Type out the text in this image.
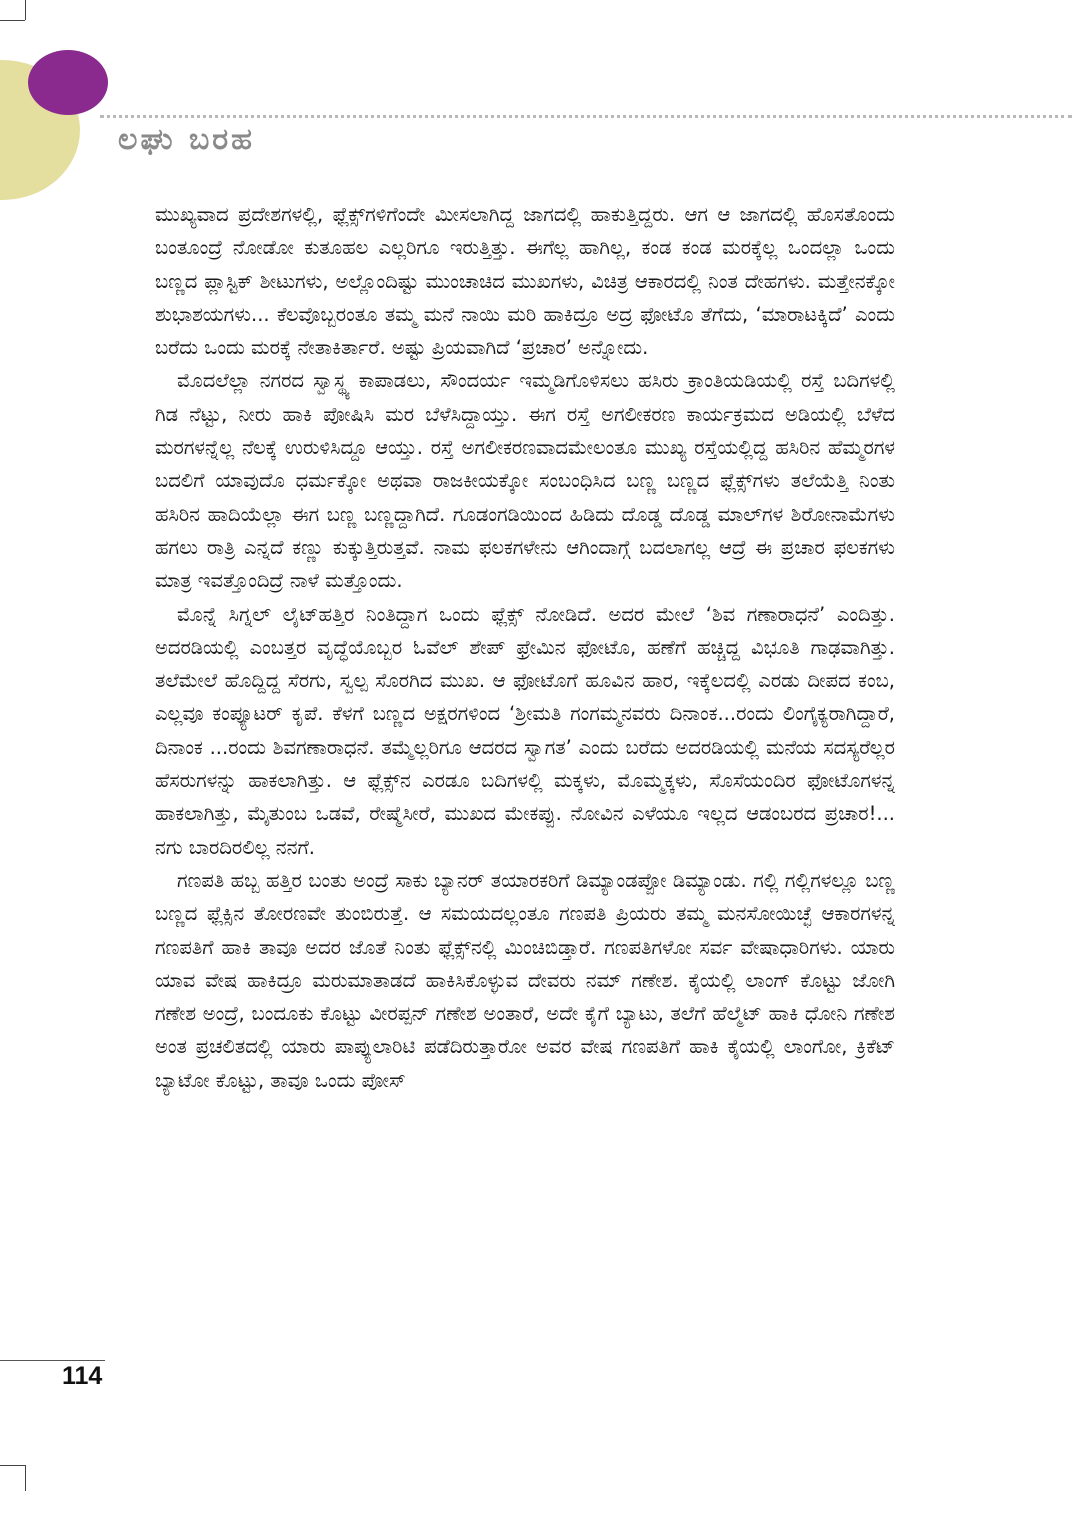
ಲಘು ಬರಹ

ಮುಖ್ಯವಾದ ಪ್ರದೇಶಗಳಲ್ಲಿ, ಫ್ಲೆಕ್ಸ್‌ಗಳಿಗೆಂದೇ ಮೀಸಲಾಗಿದ್ದ ಜಾಗದಲ್ಲಿ ಹಾಕುತ್ತಿದ್ದರು. ಆಗ ಆ ಜಾಗದಲ್ಲಿ ಹೊಸತೊಂದು ಬಂತೂಂದ್ರೆ ನೋಡೋ ಕುತೂಹಲ ಎಲ್ಲರಿಗೂ ಇರುತ್ತಿತ್ತು. ಈಗೆಲ್ಲ ಹಾಗಿಲ್ಲ, ಕಂಡ ಕಂಡ ಮರಕ್ಕೆಲ್ಲ ಒಂದಲ್ಲಾ ಒಂದು ಬಣ್ಣದ ಪ್ಲಾಸ್ಟಿಕ್ ಶೀಟುಗಳು, ಅಲ್ಲೊಂದಿಷ್ಟು ಮುಂಚಾಚಿದ ಮುಖಗಳು, ವಿಚಿತ್ರ ಆಕಾರದಲ್ಲಿ ನಿಂತ ದೇಹಗಳು. ಮತ್ತೇನಕ್ಕೋ ಶುಭಾಶಯಗಳು... ಕೆಲವೊಬ್ಬರಂತೂ ತಮ್ಮ ಮನೆ ನಾಯಿ ಮರಿ ಹಾಕಿದ್ರೂ ಅದ್ರ ಫೋಟೊ ತೆಗೆದು, ‘ಮಾರಾಟಕ್ಕಿದೆ’ ಎಂದು ಬರೆದು ಒಂದು ಮರಕ್ಕೆ ನೇತಾಕಿರ್ತಾರೆ. ಅಷ್ಟು ಪ್ರಿಯವಾಗಿದೆ ‘ಪ್ರಚಾರ’ ಅನ್ನೋದು.

ಮೊದಲೆಲ್ಲಾ ನಗರದ ಸ್ವಾಸ್ಥ್ಯ ಕಾಪಾಡಲು, ಸೌಂದರ್ಯ ಇಮ್ಮಡಿಗೊಳಿಸಲು ಹಸಿರು ಕ್ರಾಂತಿಯಡಿಯಲ್ಲಿ ರಸ್ತೆ ಬದಿಗಳಲ್ಲಿ ಗಿಡ ನೆಟ್ಟು, ನೀರು ಹಾಕಿ ಪೋಷಿಸಿ ಮರ ಬೆಳೆಸಿದ್ದಾಯ್ತು. ಈಗ ರಸ್ತೆ ಅಗಲೀಕರಣ ಕಾರ್ಯಕ್ರಮದ ಅಡಿಯಲ್ಲಿ ಬೆಳೆದ ಮರಗಳನ್ನೆಲ್ಲ ನೆಲಕ್ಕೆ ಉರುಳಿಸಿದ್ದೂ ಆಯ್ತು. ರಸ್ತೆ ಅಗಲೀಕರಣವಾದಮೇಲಂತೂ ಮುಖ್ಯ ರಸ್ತೆಯಲ್ಲಿದ್ದ ಹಸಿರಿನ ಹೆಮ್ಮರಗಳ ಬದಲಿಗೆ ಯಾವುದೊ ಧರ್ಮಕ್ಕೋ ಅಥವಾ ರಾಜಕೀಯಕ್ಕೋ ಸಂಬಂಧಿಸಿದ ಬಣ್ಣ ಬಣ್ಣದ ಫ್ಲೆಕ್ಸ್‌ಗಳು ತಲೆಯೆತ್ತಿ ನಿಂತು ಹಸಿರಿನ ಹಾದಿಯೆಲ್ಲಾ ಈಗ ಬಣ್ಣ ಬಣ್ಣದ್ದಾಗಿದೆ. ಗೂಡಂಗಡಿಯಿಂದ ಹಿಡಿದು ದೊಡ್ಡ ದೊಡ್ಡ ಮಾಲ್‌ಗಳ ಶಿರೋನಾಮೆಗಳು ಹಗಲು ರಾತ್ರಿ ಎನ್ನದೆ ಕಣ್ಣು ಕುಕ್ಕುತ್ತಿರುತ್ತವೆ. ನಾಮ ಫಲಕಗಳೇನು ಆಗಿಂದಾಗ್ಗೆ ಬದಲಾಗಲ್ಲ ಆದ್ರೆ ಈ ಪ್ರಚಾರ ಫಲಕಗಳು ಮಾತ್ರ ಇವತ್ತೊಂದಿದ್ರೆ ನಾಳೆ ಮತ್ತೊಂದು.

ಮೊನ್ನೆ ಸಿಗ್ನಲ್ ಲೈಟ್‌ಹತ್ತಿರ ನಿಂತಿದ್ದಾಗ ಒಂದು ಫ್ಲೆಕ್ಸ್ ನೋಡಿದೆ. ಅದರ ಮೇಲೆ ‘ಶಿವ ಗಣಾರಾಧನೆ’ ಎಂದಿತ್ತು. ಅದರಡಿಯಲ್ಲಿ ಎಂಬತ್ತರ ವೃದ್ಧೆಯೊಬ್ಬರ ಓವೆಲ್ ಶೇಪ್ ಫ್ರೇಮಿನ ಫೋಟೊ, ಹಣೆಗೆ ಹಚ್ಚಿದ್ದ ವಿಭೂತಿ ಗಾಢವಾಗಿತ್ತು. ತಲೆಮೇಲೆ ಹೊದ್ದಿದ್ದ ಸೆರಗು, ಸ್ವಲ್ಪ ಸೊರಗಿದ ಮುಖ. ಆ ಫೋಟೊಗೆ ಹೂವಿನ ಹಾರ, ಇಕ್ಕೆಲದಲ್ಲಿ ಎರಡು ದೀಪದ ಕಂಬ, ಎಲ್ಲವೂ ಕಂಪ್ಯೂಟರ್ ಕೃಪೆ. ಕೆಳಗೆ ಬಣ್ಣದ ಅಕ್ಷರಗಳಿಂದ ‘ಶ್ರೀಮತಿ ಗಂಗಮ್ಮನವರು ದಿನಾಂಕ...ರಂದು ಲಿಂಗೈಕ್ಯರಾಗಿದ್ದಾರೆ, ದಿನಾಂಕ ...ರಂದು ಶಿವಗಣಾರಾಧನೆ. ತಮ್ಮೆಲ್ಲರಿಗೂ ಆದರದ ಸ್ವಾಗತ’ ಎಂದು ಬರೆದು ಅದರಡಿಯಲ್ಲಿ ಮನೆಯ ಸದಸ್ಯರೆಲ್ಲರ ಹೆಸರುಗಳನ್ನು ಹಾಕಲಾಗಿತ್ತು. ಆ ಫ್ಲೆಕ್ಸ್‌ನ ಎರಡೂ ಬದಿಗಳಲ್ಲಿ ಮಕ್ಕಳು, ಮೊಮ್ಮಕ್ಕಳು, ಸೊಸೆಯಂದಿರ ಫೋಟೊಗಳನ್ನ ಹಾಕಲಾಗಿತ್ತು, ಮೈತುಂಬ ಒಡವೆ, ರೇಷ್ಮೆಸೀರೆ, ಮುಖದ ಮೇಕಪ್ಪು. ನೋವಿನ ಎಳೆಯೂ ಇಲ್ಲದ ಆಡಂಬರದ ಪ್ರಚಾರ!... ನಗು ಬಾರದಿರಲಿಲ್ಲ ನನಗೆ.

ಗಣಪತಿ ಹಬ್ಬ ಹತ್ತಿರ ಬಂತು ಅಂದ್ರೆ ಸಾಕು ಬ್ಯಾನರ್ ತಯಾರಕರಿಗೆ ಡಿಮ್ಯಾಂಡಪ್ಪೋ ಡಿಮ್ಯಾಂಡು. ಗಲ್ಲಿ ಗಲ್ಲಿಗಳಲ್ಲೂ ಬಣ್ಣ ಬಣ್ಣದ ಫ್ಲೆಕ್ಸಿನ ತೋರಣವೇ ತುಂಬಿರುತ್ತೆ. ಆ ಸಮಯದಲ್ಲಂತೂ ಗಣಪತಿ ಪ್ರಿಯರು ತಮ್ಮ ಮನಸೋಯಿಚ್ಛೆ ಆಕಾರಗಳನ್ನ ಗಣಪತಿಗೆ ಹಾಕಿ ತಾವೂ ಅದರ ಜೊತೆ ನಿಂತು ಫ್ಲೆಕ್ಸ್‌ನಲ್ಲಿ ಮಿಂಚಿಬಿಡ್ತಾರೆ. ಗಣಪತಿಗಳೋ ಸರ್ವ ವೇಷಾಧಾರಿಗಳು. ಯಾರು ಯಾವ ವೇಷ ಹಾಕಿದ್ರೂ ಮರುಮಾತಾಡದೆ ಹಾಕಿಸಿಕೊಳ್ಳುವ ದೇವರು ನಮ್ ಗಣೇಶ. ಕೈಯಲ್ಲಿ ಲಾಂಗ್ ಕೊಟ್ಟು ಜೋಗಿ ಗಣೇಶ ಅಂದ್ರೆ, ಬಂದೂಕು ಕೊಟ್ಟು ವೀರಪ್ಪನ್ ಗಣೇಶ ಅಂತಾರೆ, ಅದೇ ಕೈಗೆ ಬ್ಯಾಟು, ತಲೆಗೆ ಹೆಲ್ಮೆಟ್ ಹಾಕಿ ಧೋನಿ ಗಣೇಶ ಅಂತ ಪ್ರಚಲಿತದಲ್ಲಿ ಯಾರು ಪಾಪ್ಯುಲಾರಿಟಿ ಪಡೆದಿರುತ್ತಾರೋ ಅವರ ವೇಷ ಗಣಪತಿಗೆ ಹಾಕಿ ಕೈಯಲ್ಲಿ ಲಾಂಗೋ, ಕ್ರಿಕೆಟ್ ಬ್ಯಾಟೋ ಕೊಟ್ಟು, ತಾವೂ ಒಂದು ಪೋಸ್

114
